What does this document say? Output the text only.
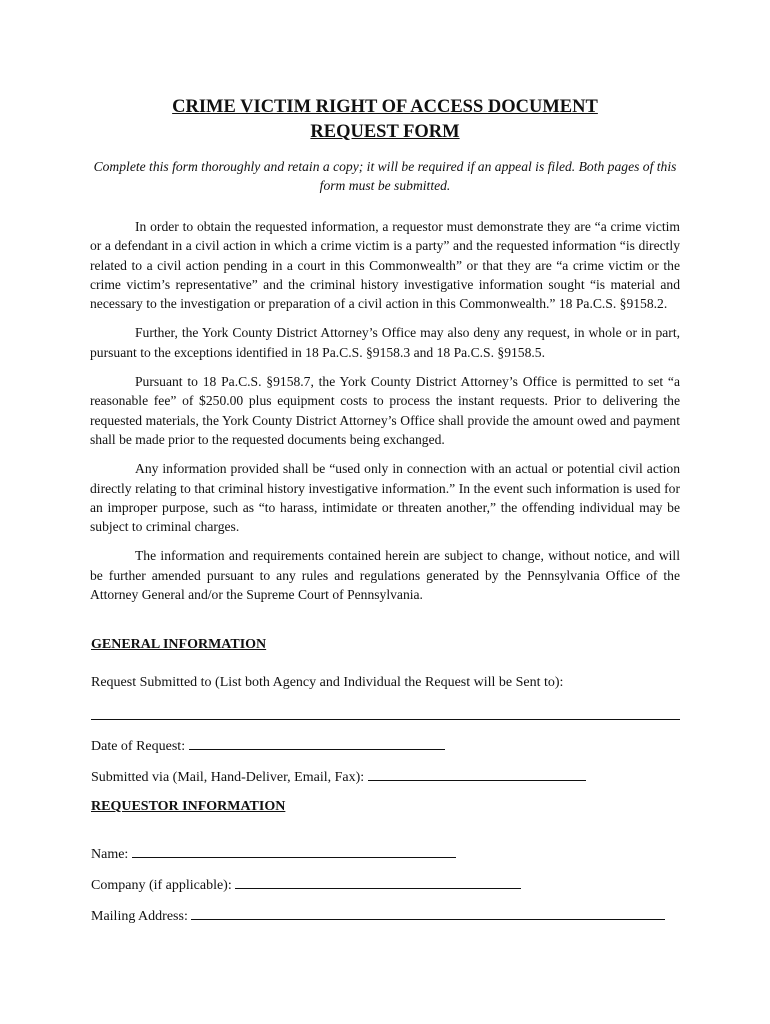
CRIME VICTIM RIGHT OF ACCESS DOCUMENT
REQUEST FORM
Complete this form thoroughly and retain a copy; it will be required if an appeal is filed. Both pages of this form must be submitted.

In order to obtain the requested information, a requestor must demonstrate they are “a crime victim or a defendant in a civil action in which a crime victim is a party” and the requested information “is directly related to a civil action pending in a court in this Commonwealth” or that they are “a crime victim or the crime victim’s representative” and the criminal history investigative information sought “is material and necessary to the investigation or preparation of a civil action in this Commonwealth.” 18 Pa.C.S. §9158.2.

Further, the York County District Attorney’s Office may also deny any request, in whole or in part, pursuant to the exceptions identified in 18 Pa.C.S. §9158.3 and 18 Pa.C.S. §9158.5.

Pursuant to 18 Pa.C.S. §9158.7, the York County District Attorney’s Office is permitted to set “a reasonable fee” of $250.00 plus equipment costs to process the instant requests. Prior to delivering the requested materials, the York County District Attorney’s Office shall provide the amount owed and payment shall be made prior to the requested documents being exchanged.

Any information provided shall be “used only in connection with an actual or potential civil action directly relating to that criminal history investigative information.” In the event such information is used for an improper purpose, such as “to harass, intimidate or threaten another,” the offending individual may be subject to criminal charges.

The information and requirements contained herein are subject to change, without notice, and will be further amended pursuant to any rules and regulations generated by the Pennsylvania Office of the Attorney General and/or the Supreme Court of Pennsylvania.

GENERAL INFORMATION
Request Submitted to (List both Agency and Individual the Request will be Sent to):
Date of Request:
Submitted via (Mail, Hand-Deliver, Email, Fax):
REQUESTOR INFORMATION
Name:
Company (if applicable):
Mailing Address:
